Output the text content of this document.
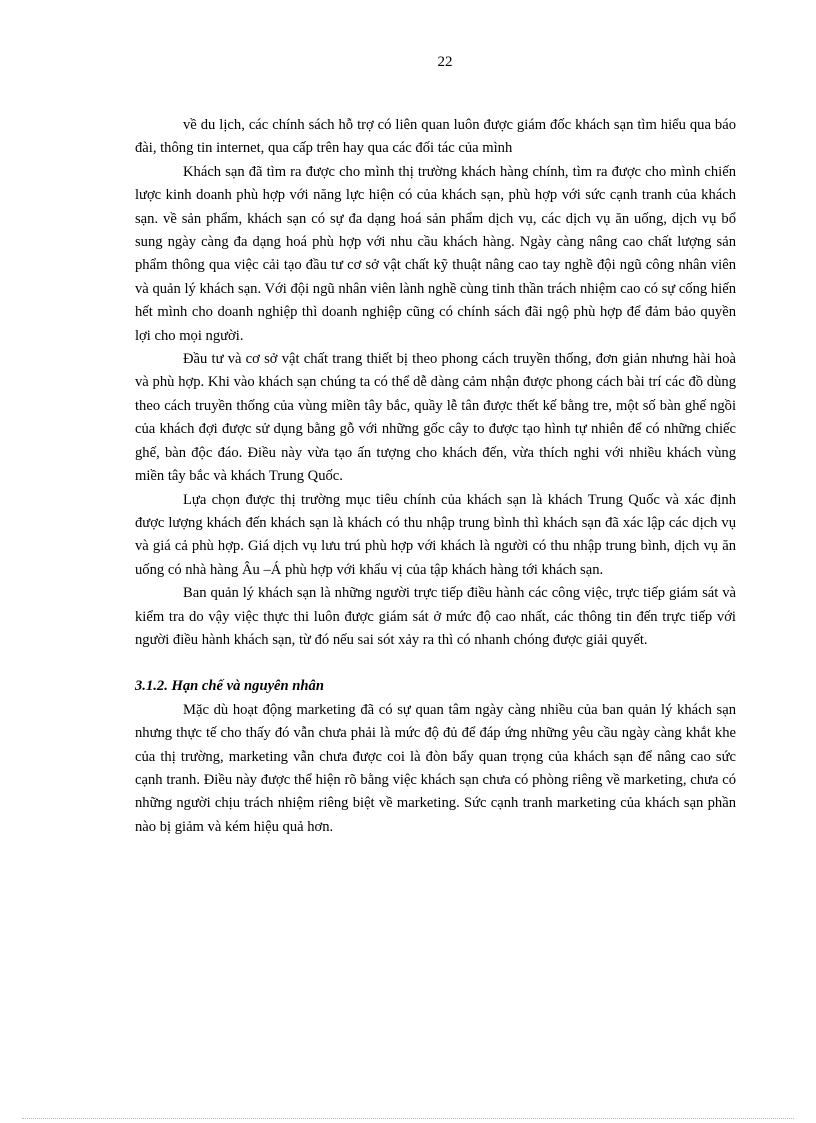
22

về du lịch, các chính sách hỗ trợ có liên quan luôn được giám đốc khách sạn tìm hiểu qua báo đài, thông tin internet, qua cấp trên hay qua các đối tác của mình

Khách sạn đã tìm ra được cho mình thị trường khách hàng chính, tìm ra được cho mình chiến lược kinh doanh phù hợp với năng lực hiện có của khách sạn, phù hợp với sức cạnh tranh của khách sạn. về sản phẩm, khách sạn có sự đa dạng hoá sản phẩm dịch vụ, các dịch vụ ăn uống, dịch vụ bổ sung ngày càng đa dạng hoá phù hợp với nhu cầu khách hàng. Ngày càng nâng cao chất lượng sản phẩm thông qua việc cải tạo đầu tư cơ sở vật chất kỹ thuật nâng cao tay nghề đội ngũ công nhân viên và quản lý khách sạn. Với đội ngũ nhân viên lành nghề cùng tinh thần trách nhiệm cao có sự cống hiến hết mình cho doanh nghiệp thì doanh nghiệp cũng có chính sách đãi ngộ phù hợp để đảm bảo quyền lợi cho mọi người.

Đầu tư và cơ sở vật chất trang thiết bị theo phong cách truyền thống, đơn giản nhưng hài hoà và phù hợp. Khi vào khách sạn chúng ta có thể dễ dàng cảm nhận được phong cách bài trí các đồ dùng theo cách truyền thống của vùng miền tây bắc, quầy lễ tân được thết kế bằng tre, một số bàn ghế ngồi của khách đợi được sử dụng bằng gỗ với những gốc cây to được tạo hình tự nhiên để có những chiếc ghế, bàn độc đáo. Điều này vừa tạo ấn tượng cho khách đến, vừa thích nghi với nhiều khách vùng miền tây bắc và khách Trung Quốc.

Lựa chọn được thị trường mục tiêu chính của khách sạn là khách Trung Quốc và xác định được lượng khách đến khách sạn là khách có thu nhập trung bình thì khách sạn đã xác lập các dịch vụ và giá cả phù hợp. Giá dịch vụ lưu trú phù hợp với khách là người có thu nhập trung bình, dịch vụ ăn uống có nhà hàng Âu –Á phù hợp với khẩu vị của tập khách hàng tới khách sạn.

Ban quản lý khách sạn là những người trực tiếp điều hành các công việc, trực tiếp giám sát và kiểm tra do vậy việc thực thi luôn được giám sát ở mức độ cao nhất, các thông tin đến trực tiếp với người điều hành khách sạn, từ đó nếu sai sót xảy ra thì có nhanh chóng được giải quyết.

3.1.2. Hạn chế và nguyên nhân

Mặc dù hoạt động marketing đã có sự quan tâm ngày càng nhiều của ban quản lý khách sạn nhưng thực tế cho thấy đó vẫn chưa phải là mức độ đủ để đáp ứng những yêu cầu ngày càng khắt khe của thị trường, marketing vẫn chưa được coi là đòn bẩy quan trọng của khách sạn để nâng cao sức cạnh tranh. Điều này được thể hiện rõ bằng việc khách sạn chưa có phòng riêng về marketing, chưa có những người chịu trách nhiệm riêng biệt về marketing. Sức cạnh tranh marketing của khách sạn phần nào bị giảm và kém hiệu quả hơn.
